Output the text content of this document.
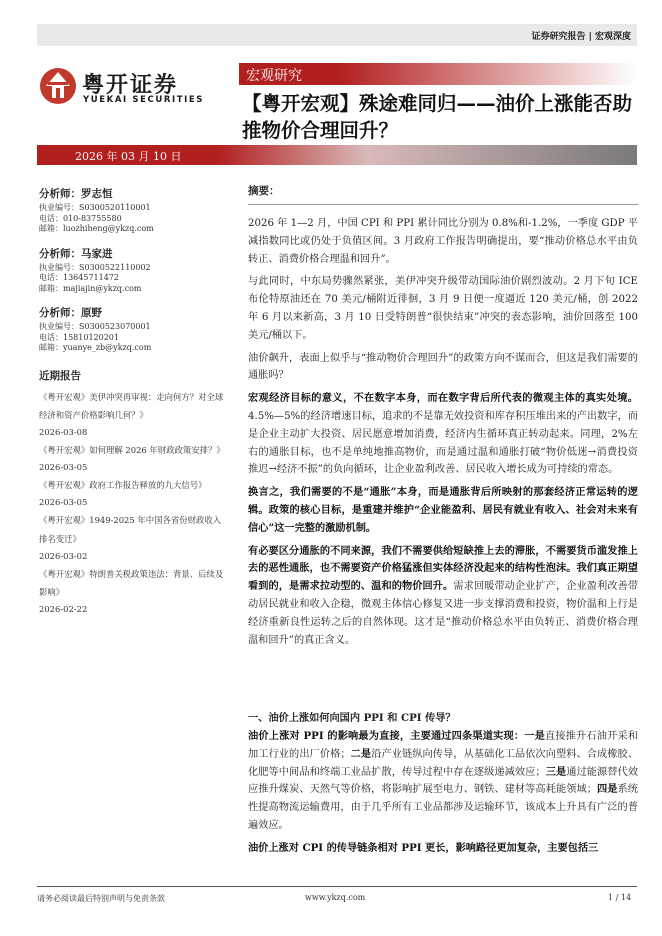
证券研究报告 | 宏观深度
粤开证券
YUEKAI SECURITIES
宏观研究
【粤开宏观】殊途难同归——油价上涨能否助推物价合理回升？
2026 年 03 月 10 日
分析师：罗志恒
执业编号：S0300520110001
电话：010-83755580
邮箱：luozhiheng@ykzq.com
分析师：马家进
执业编号：S0300522110002
电话：13645711472
邮箱：majiajin@ykzq.com
分析师：原野
执业编号：S0300523070001
电话：15810120201
邮箱：yuanye_zb@ykzq.com
近期报告
《粤开宏观》美伊冲突再审视：走向何方？对全球经济和资产价格影响几何？》
2026-03-08
《粤开宏观》如何理解 2026 年财政政策安排？》
2026-03-05
《粤开宏观》政府工作报告释放的九大信号》
2026-03-05
《粤开宏观》1949-2025 年中国各省份财政收入排名变迁》
2026-03-02
《粤开宏观》特朗普关税政策违法：背景、后续及影响》
2026-02-22
摘要：

2026 年 1—2 月，中国 CPI 和 PPI 累计同比分别为 0.8%和-1.2%，一季度 GDP 平减指数同比或仍处于负值区间。3 月政府工作报告明确提出，要“推动价格总水平由负转正、消费价格合理温和回升”。

与此同时，中东局势骤然紧张，美伊冲突升级带动国际油价剧烈波动。2 月下旬 ICE 布伦特原油还在 70 美元/桶附近徘徊，3 月 9 日便一度逼近 120 美元/桶，创 2022 年 6 月以来新高，3 月 10 日受特朗普“很快结束”冲突的表态影响，油价回落至 100 美元/桶以下。

油价飙升，表面上似乎与“推动物价合理回升”的政策方向不谋而合，但这是我们需要的通胀吗？

宏观经济目标的意义，不在数字本身，而在数字背后所代表的微观主体的真实处境。4.5%—5%的经济增速目标，追求的不是靠无效投资和库存积压堆出来的产出数字，而是企业主动扩大投资、居民愿意增加消费，经济内生循环真正转动起来。同理，2%左右的通胀目标，也不是单纯地推高物价，而是通过温和通胀打破“物价低迷→消费投资推迟→经济不振”的负向循环，让企业盈利改善、居民收入增长成为可持续的常态。

换言之，我们需要的不是“通胀”本身，而是通胀背后所映射的那套经济正常运转的逻辑。政策的核心目标，是重建并维护“企业能盈利、居民有就业有收入、社会对未来有信心”这一完整的激励机制。

有必要区分通胀的不同来源，我们不需要供给短缺推上去的滞胀，不需要货币滥发推上去的恶性通胀，也不需要资产价格猛涨但实体经济没起来的结构性泡沫。我们真正期望看到的，是需求拉动型的、温和的物价回升。需求回暖带动企业扩产，企业盈利改善带动居民就业和收入企稳，微观主体信心修复又进一步支撑消费和投资，物价温和上行是经济重新良性运转之后的自然体现。这才是“推动价格总水平由负转正、消费价格合理温和回升”的真正含义。

一、油价上涨如何向国内 PPI 和 CPI 传导？

油价上涨对 PPI 的影响最为直接，主要通过四条渠道实现：一是直接推升石油开采和加工行业的出厂价格；二是沿产业链纵向传导，从基础化工品依次向塑料、合成橡胶、化肥等中间品和终端工业品扩散，传导过程中存在逐级递减效应；三是通过能源替代效应推升煤炭、天然气等价格，将影响扩展至电力、钢铁、建材等高耗能领域；四是系统性提高物流运输费用，由于几乎所有工业品都涉及运输环节，该成本上升具有广泛的普遍效应。

油价上涨对 CPI 的传导链条相对 PPI 更长，影响路径更加复杂，主要包括三

请务必阅读最后特别声明与免责条款	www.ykzq.com	1 / 14
